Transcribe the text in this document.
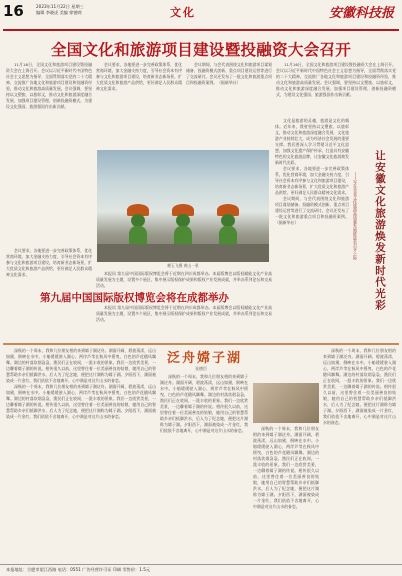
16	2023年11月22日 星期三
编辑 李晓虎 美编 徐德荷	文化	安徽科技报
全国文化和旅游项目建设暨投融资大会召开

11月16日，全国文化和旅游项目建设暨投融资大会在上海召开。会议以习近平新时代中国特色社会主义思想为指导，全面贯彻落实党的二十大精神，交流推广各地文化和旅游项目建设和投融资经验，推动文化和旅游高质量发展。会议强调，要坚持以文塑旅、以旅彰文，推动文化和旅游深度融合发展，加强项目建设管理，创新投融资模式，为建设文化强国、旅游强国作出新贡献。

会议要求，各地要进一步完善政策体系，优化营商环境，加大金融支持力度，引导社会资本有序参与文化和旅游项目建设，培育新业态新场景，扩大优质文化和旅游产品供给，更好满足人民群众精神文化需求。

会议期间，与会代表围绕文化和旅游项目谋划储备、投融资模式创新、重点项目建设运营等进行了交流研讨。会议还发布了一批文化和旅游重点项目和投融资案例。（据新华社）

11月16日，全国文化和旅游项目建设暨投融资大会在上海召开。会议以习近平新时代中国特色社会主义思想为指导，全面贯彻落实党的二十大精神，交流推广各地文化和旅游项目建设和投融资经验，推动文化和旅游高质量发展。会议强调，要坚持以文塑旅、以旅彰文，推动文化和旅游深度融合发展，加强项目建设管理，创新投融资模式，为建设文化强国、旅游强国作出新贡献。

柳玉飞摄 黄山一景

文化是旅游的灵魂，旅游是文化的载体。近年来，我省坚持以文塑旅、以旅彰文，推动文化和旅游深度融合发展，文化旅游产业持续壮大，成为经济社会发展的重要支撑。我们要深入学习贯彻习近平文化思想，加强文化遗产保护传承，打造具有安徽特色的文化旅游品牌，让安徽文化旅游焕发新时代光彩。

会议要求，各地要进一步完善政策体系，优化营商环境，加大金融支持力度，引导社会资本有序参与文化和旅游项目建设，培育新业态新场景，扩大优质文化和旅游产品供给，更好满足人民群众精神文化需求。

会议期间，与会代表围绕文化和旅游项目谋划储备、投融资模式创新、重点项目建设运营等进行了交流研讨。会议还发布了一批文化和旅游重点项目和投融资案例。（据新华社）	让安徽文化旅游焕发新时代光彩
——写在全省文化旅游高质量发展推进会召开之际

会议要求，各地要进一步完善政策体系，优化营商环境，加大金融支持力度，引导社会资本有序参与文化和旅游项目建设，培育新业态新场景，扩大优质文化和旅游产品供给，更好满足人民群众精神文化需求。	本报讯 第九届中国国际版权博览会将于近期在四川成都举办。本届版博会以版权赋能文化产业高质量发展为主题，设置多个展区，集中展示版权保护成果和版权产业发展成就，并举办系列论坛和交易活动。

第九届中国国际版权博览会将在成都举办

本报讯 第九届中国国际版权博览会将于近期在四川成都举办。本届版博会以版权赋能文化产业高质量发展为主题，设置多个展区，集中展示版权保护成果和版权产业发展成就，并举办系列论坛和交易活动。

泛舟嫦子湖
张德臣

深秋的一个周末，我和几位朋友相约来到嫦子湖泛舟。湖面开阔，碧波荡漾，远山如黛，倒映在水中。小船缓缓驶入湖心，两岸芦苇在秋风中摇曳，白色的芦花随风飘舞。湖边的村落炊烟袅袅，渔民们正在收网，一派丰收的景象。我们一边欣赏美景，一边聊着嫦子湖的传说。相传很久以前，这里曾住着一位美丽善良的姑娘，她用自己的智慧帮助乡亲们抵御洪水，后人为了纪念她，便把这片湖称为嫦子湖。夕阳西下，湖面被染成一片金红，我们依依不舍地离开，心中满是对这片山水的眷恋。

深秋的一个周末，我和几位朋友相约来到嫦子湖泛舟。湖面开阔，碧波荡漾，远山如黛，倒映在水中。小船缓缓驶入湖心，两岸芦苇在秋风中摇曳，白色的芦花随风飘舞。湖边的村落炊烟袅袅，渔民们正在收网，一派丰收的景象。我们一边欣赏美景，一边聊着嫦子湖的传说。相传很久以前，这里曾住着一位美丽善良的姑娘，她用自己的智慧帮助乡亲们抵御洪水，后人为了纪念她，便把这片湖称为嫦子湖。夕阳西下，湖面被染成一片金红，我们依依不舍地离开，心中满是对这片山水的眷恋。

深秋的一个周末，我和几位朋友相约来到嫦子湖泛舟。湖面开阔，碧波荡漾，远山如黛，倒映在水中。小船缓缓驶入湖心，两岸芦苇在秋风中摇曳，白色的芦花随风飘舞。湖边的村落炊烟袅袅，渔民们正在收网，一派丰收的景象。我们一边欣赏美景，一边聊着嫦子湖的传说。相传很久以前，这里曾住着一位美丽善良的姑娘，她用自己的智慧帮助乡亲们抵御洪水，后人为了纪念她，便把这片湖称为嫦子湖。夕阳西下，湖面被染成一片金红，我们依依不舍地离开，心中满是对这片山水的眷恋。	深秋的一个周末，我和几位朋友相约来到嫦子湖泛舟。湖面开阔，碧波荡漾，远山如黛，倒映在水中。小船缓缓驶入湖心，两岸芦苇在秋风中摇曳，白色的芦花随风飘舞。湖边的村落炊烟袅袅，渔民们正在收网，一派丰收的景象。我们一边欣赏美景，一边聊着嫦子湖的传说。相传很久以前，这里曾住着一位美丽善良的姑娘，她用自己的智慧帮助乡亲们抵御洪水，后人为了纪念她，便把这片湖称为嫦子湖。夕阳西下，湖面被染成一片金红，我们依依不舍地离开，心中满是对这片山水的眷恋。

深秋的一个周末，我和几位朋友相约来到嫦子湖泛舟。湖面开阔，碧波荡漾，远山如黛，倒映在水中。小船缓缓驶入湖心，两岸芦苇在秋风中摇曳，白色的芦花随风飘舞。湖边的村落炊烟袅袅，渔民们正在收网，一派丰收的景象。我们一边欣赏美景，一边聊着嫦子湖的传说。相传很久以前，这里曾住着一位美丽善良的姑娘，她用自己的智慧帮助乡亲们抵御洪水，后人为了纪念她，便把这片湖称为嫦子湖。夕阳西下，湖面被染成一片金红，我们依依不舍地离开，心中满是对这片山水的眷恋。

本报地址：合肥市望江西路 电话：0551 广告经营许可证 印刷 零售价：1.5元
